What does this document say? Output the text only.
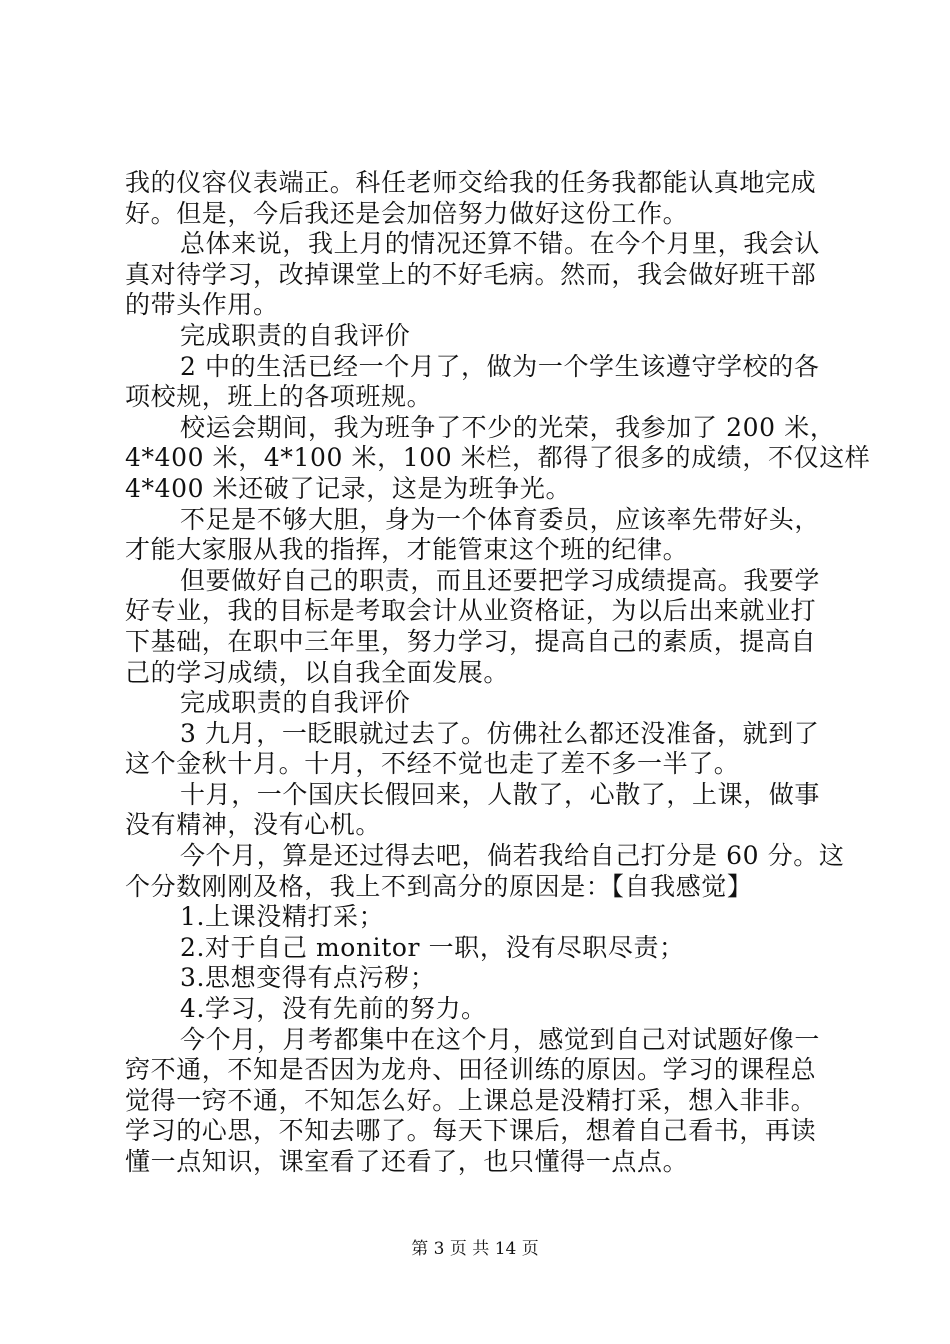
我的仪容仪表端正。科任老师交给我的任务我都能认真地完成
好。但是，今后我还是会加倍努力做好这份工作。
总体来说，我上月的情况还算不错。在今个月里，我会认
真对待学习，改掉课堂上的不好毛病。然而，我会做好班干部
的带头作用。
完成职责的自我评价
2 中的生活已经一个月了，做为一个学生该遵守学校的各
项校规，班上的各项班规。
校运会期间，我为班争了不少的光荣，我参加了 200 米，
4*400 米，4*100 米，100 米栏，都得了很多的成绩，不仅这样
4*400 米还破了记录，这是为班争光。
不足是不够大胆，身为一个体育委员，应该率先带好头，
才能大家服从我的指挥，才能管束这个班的纪律。
但要做好自己的职责，而且还要把学习成绩提高。我要学
好专业，我的目标是考取会计从业资格证，为以后出来就业打
下基础，在职中三年里，努力学习，提高自己的素质，提高自
己的学习成绩，以自我全面发展。
完成职责的自我评价
3 九月，一眨眼就过去了。仿佛社么都还没准备，就到了
这个金秋十月。十月，不经不觉也走了差不多一半了。
十月，一个国庆长假回来，人散了，心散了，上课，做事
没有精神，没有心机。
今个月，算是还过得去吧，倘若我给自己打分是 60 分。这
个分数刚刚及格，我上不到高分的原因是：【自我感觉】
1.上课没精打采；
2.对于自己 monitor 一职，没有尽职尽责；
3.思想变得有点污秽；
4.学习，没有先前的努力。
今个月，月考都集中在这个月，感觉到自己对试题好像一
窍不通，不知是否因为龙舟、田径训练的原因。学习的课程总
觉得一窍不通，不知怎么好。上课总是没精打采，想入非非。
学习的心思，不知去哪了。每天下课后，想着自己看书，再读
懂一点知识，课室看了还看了，也只懂得一点点。
第 3 页 共 14 页
